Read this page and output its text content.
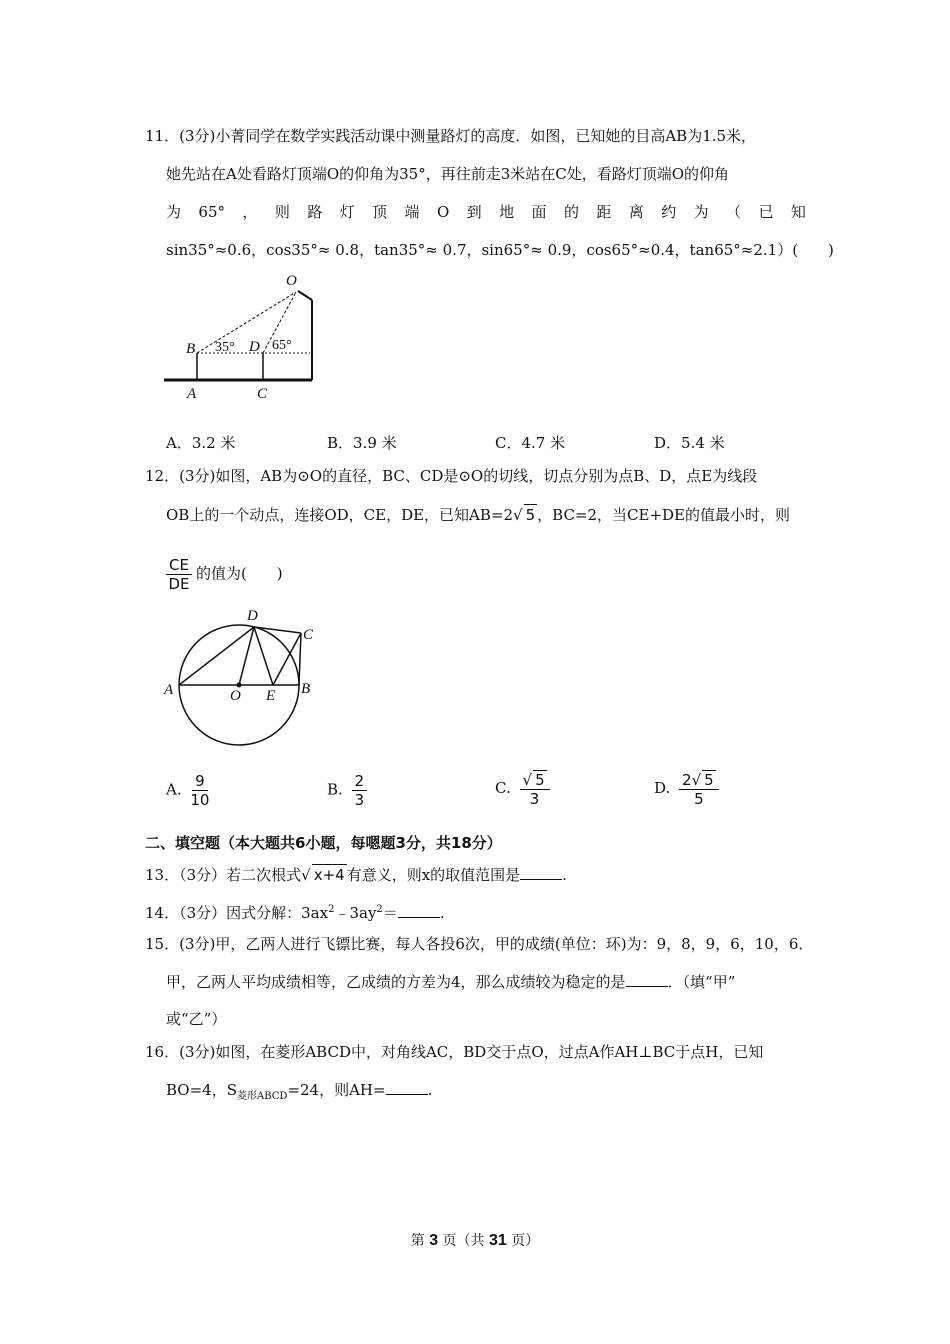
11．(3分)小菁同学在数学实践活动课中测量路灯的高度．如图，已知她的目高AB为1.5米，
她先站在A处看路灯顶端O的仰角为35°，再往前走3米站在C处，看路灯顶端O的仰角
为 65° ， 则 路 灯 顶 端 O 到 地 面 的 距 离 约 为 （ 已 知
sin35°≈0.6，cos35°≈ 0.8，tan35°≈ 0.7，sin65°≈ 0.9，cos65°≈0.4，tan65°≈2.1）(　　)
O
B	D
A	C
35°	65°
A．3.2 米	B．3.9 米	C．4.7 米	D．5.4 米
12．(3分)如图，AB为⊙O的直径，BC、CD是⊙O的切线，切点分别为点B、D，点E为线段
OB上的一个动点，连接OD，CE，DE，已知AB=2√ 5 ，BC=2，当CE+DE的值最小时，则
$\frac{CE}{DE}$ 的值为(　　)
A	O E B
D
C
A. $\frac{9}{10}$	B. $\frac{2}{3}$	C. $\frac{√ 5}{3}$	D. $\frac{2√ 5}{5}$
二、填空题（本大题共6小题，每嗯题3分，共18分）
13．（3分）若二次根式√ x+4 有意义，则x的取值范围是	.
14．（3分）因式分解：$3ax^2﹣3ay^2=$	.
15．(3分)甲，乙两人进行飞镖比赛，每人各投6次，甲的成绩(单位：环)为：9，8，9，6，10，6．
甲，乙两人平均成绩相等，乙成绩的方差为4，那么成绩较为稳定的是	．（填“甲”
或“乙”）
16．(3分)如图，在菱形ABCD中，对角线AC，BD交于点O，过点A作AH⊥BC于点H，已知
BO=4，$S_{菱形ABCD}=24$，则AH=	.
第 3 页（共 31 页）
